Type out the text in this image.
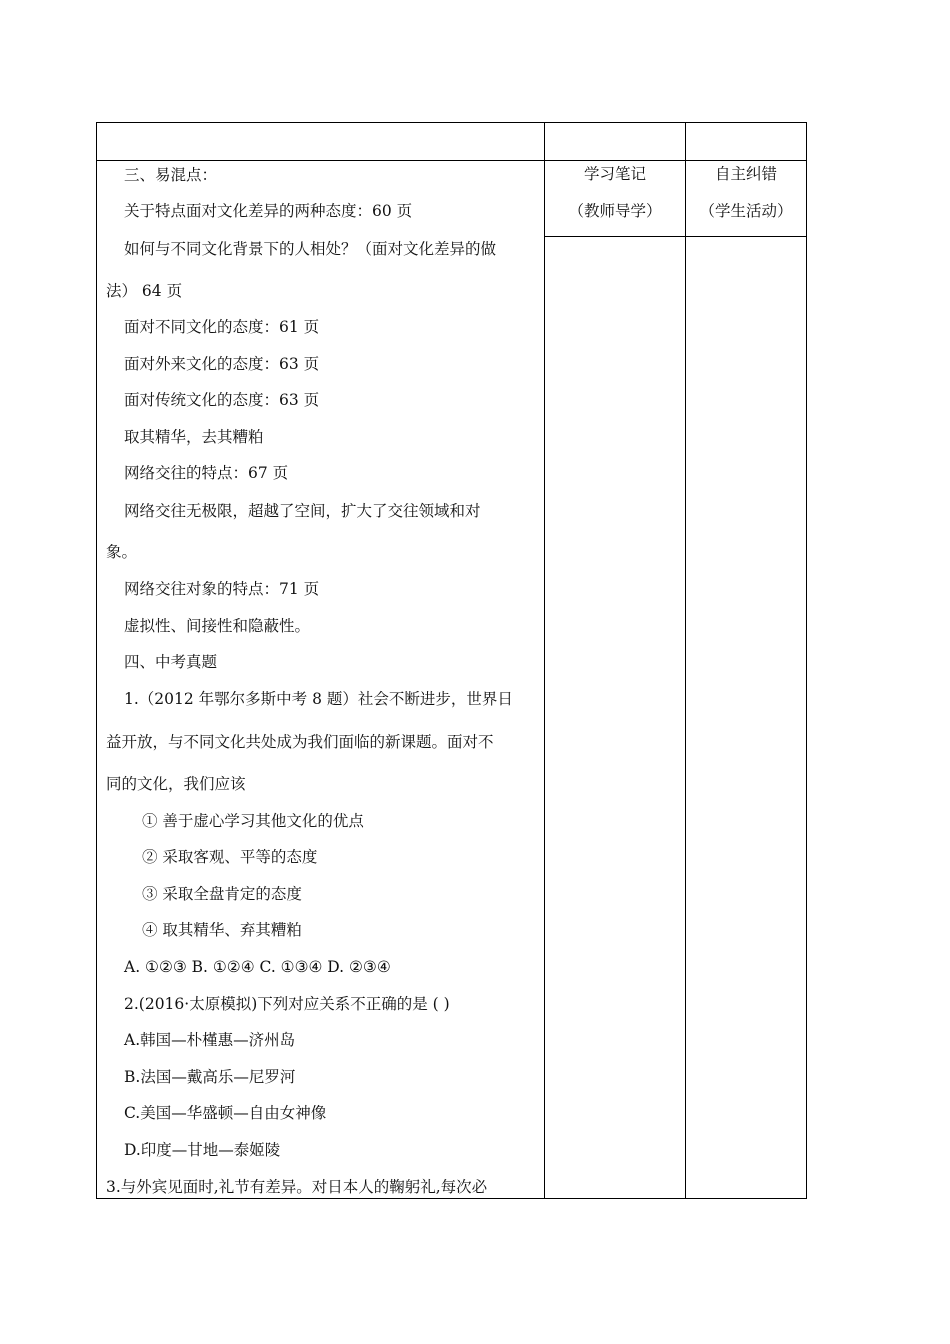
学习笔记
（教师导学）
自主纠错
（学生活动）
三、易混点：
关于特点面对文化差异的两种态度：60 页
如何与不同文化背景下的人相处？（面对文化差异的做
法） 64 页
面对不同文化的态度：61 页
面对外来文化的态度：63 页
面对传统文化的态度：63 页
取其精华，去其糟粕
网络交往的特点：67 页
网络交往无极限，超越了空间，扩大了交往领域和对
象。
网络交往对象的特点：71 页
虚拟性、间接性和隐蔽性。
四、中考真题
1.（2012 年鄂尔多斯中考 8 题）社会不断进步，世界日
益开放，与不同文化共处成为我们面临的新课题。面对不
同的文化，我们应该
① 善于虚心学习其他文化的优点
② 采取客观、平等的态度
③ 采取全盘肯定的态度
④ 取其精华、弃其糟粕
A. ①②③ B. ①②④ C. ①③④ D. ②③④
2.(2016·太原模拟)下列对应关系不正确的是 ( )
A.韩国—朴槿惠—济州岛
B.法国—戴高乐—尼罗河
C.美国—华盛顿—自由女神像
D.印度—甘地—泰姬陵
3.与外宾见面时,礼节有差异。对日本人的鞠躬礼,每次必
